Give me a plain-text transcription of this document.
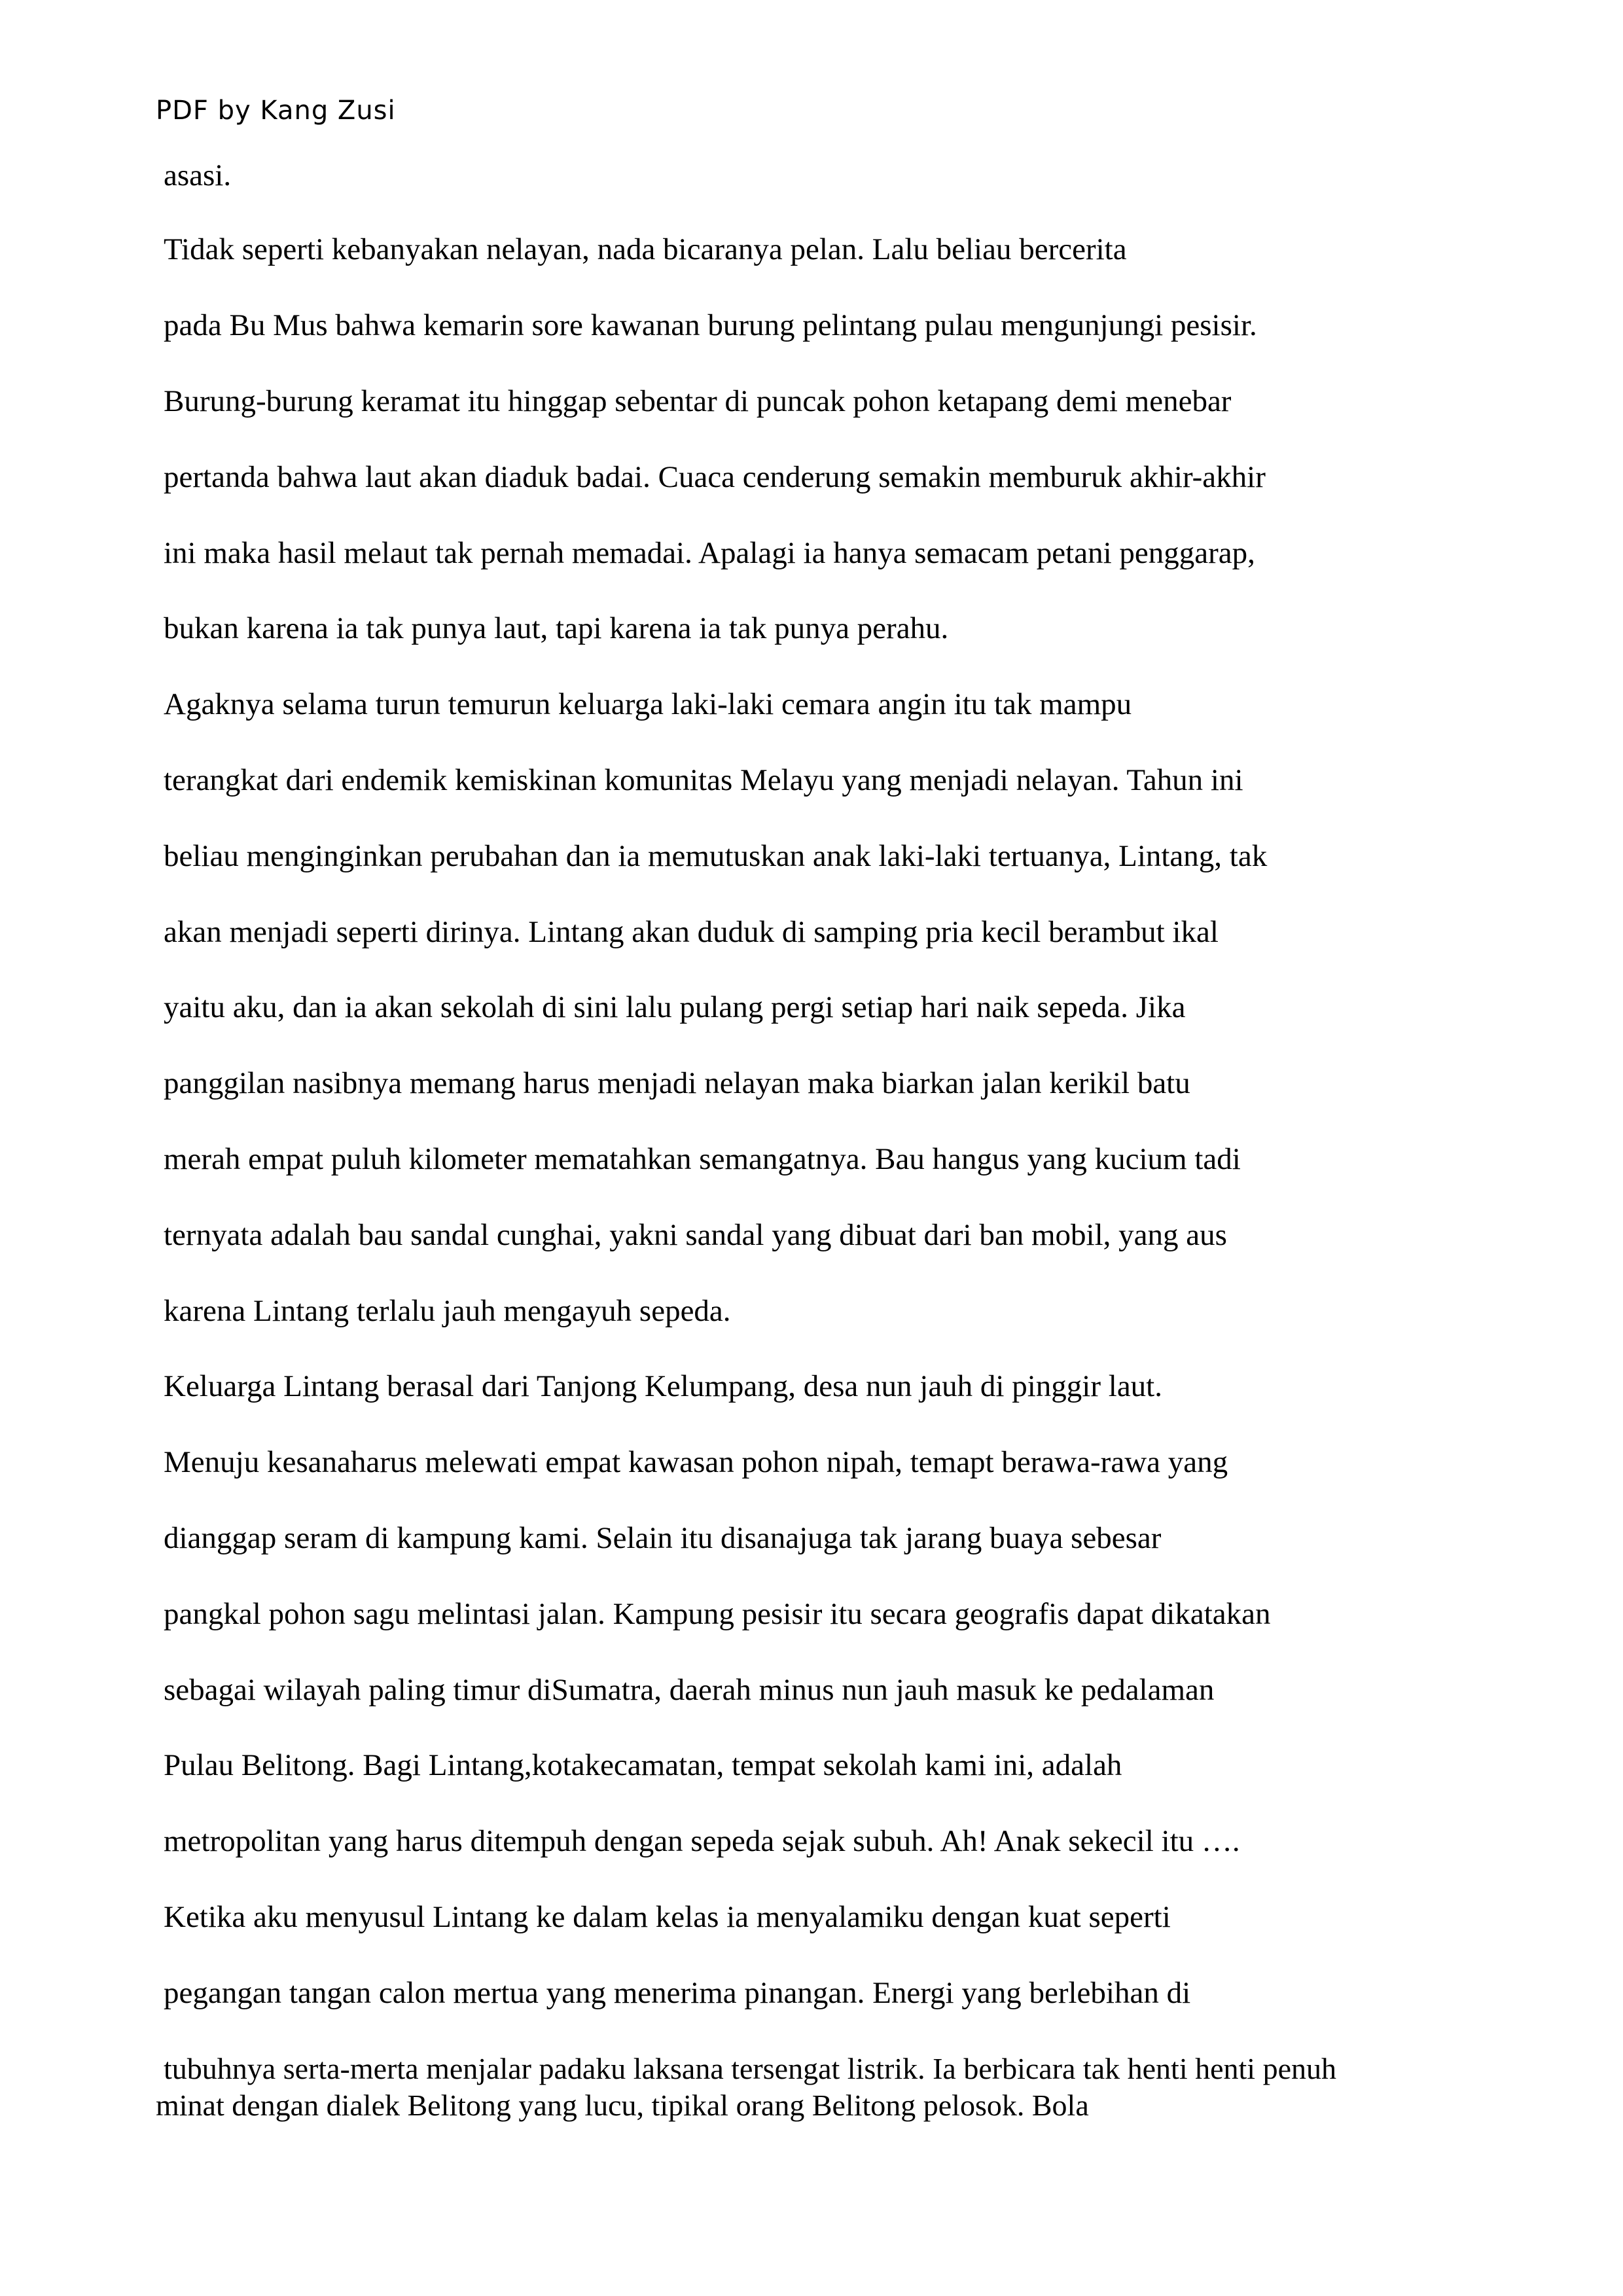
PDF by Kang Zusi
asasi.
Tidak seperti kebanyakan nelayan, nada bicaranya pelan. Lalu beliau bercerita
pada Bu Mus bahwa kemarin sore kawanan burung pelintang pulau mengunjungi pesisir.
Burung-burung keramat itu hinggap sebentar di puncak pohon ketapang demi menebar
pertanda bahwa laut akan diaduk badai. Cuaca cenderung semakin memburuk akhir-akhir
ini maka hasil melaut tak pernah memadai. Apalagi ia hanya semacam petani penggarap,
bukan karena ia tak punya laut, tapi karena ia tak punya perahu.
Agaknya selama turun temurun keluarga laki-laki cemara angin itu tak mampu
terangkat dari endemik kemiskinan komunitas Melayu yang menjadi nelayan. Tahun ini
beliau menginginkan perubahan dan ia memutuskan anak laki-laki tertuanya, Lintang, tak
akan menjadi seperti dirinya. Lintang akan duduk di samping pria kecil berambut ikal
yaitu aku, dan ia akan sekolah di sini lalu pulang pergi setiap hari naik sepeda. Jika
panggilan nasibnya memang harus menjadi nelayan maka biarkan jalan kerikil batu
merah empat puluh kilometer mematahkan semangatnya. Bau hangus yang kucium tadi
ternyata adalah bau sandal cunghai, yakni sandal yang dibuat dari ban mobil, yang aus
karena Lintang terlalu jauh mengayuh sepeda.
Keluarga Lintang berasal dari Tanjong Kelumpang, desa nun jauh di pinggir laut.
Menuju kesanaharus melewati empat kawasan pohon nipah, temapt berawa-rawa yang
dianggap seram di kampung kami. Selain itu disanajuga tak jarang buaya sebesar
pangkal pohon sagu melintasi jalan. Kampung pesisir itu secara geografis dapat dikatakan
sebagai wilayah paling timur diSumatra, daerah minus nun jauh masuk ke pedalaman
Pulau Belitong. Bagi Lintang,kotakecamatan, tempat sekolah kami ini, adalah
metropolitan yang harus ditempuh dengan sepeda sejak subuh. Ah! Anak sekecil itu ….
Ketika aku menyusul Lintang ke dalam kelas ia menyalamiku dengan kuat seperti
pegangan tangan calon mertua yang menerima pinangan. Energi yang berlebihan di
tubuhnya serta-merta menjalar padaku laksana tersengat listrik. Ia berbicara tak henti henti penuh
minat dengan dialek Belitong yang lucu, tipikal orang Belitong pelosok. Bola
